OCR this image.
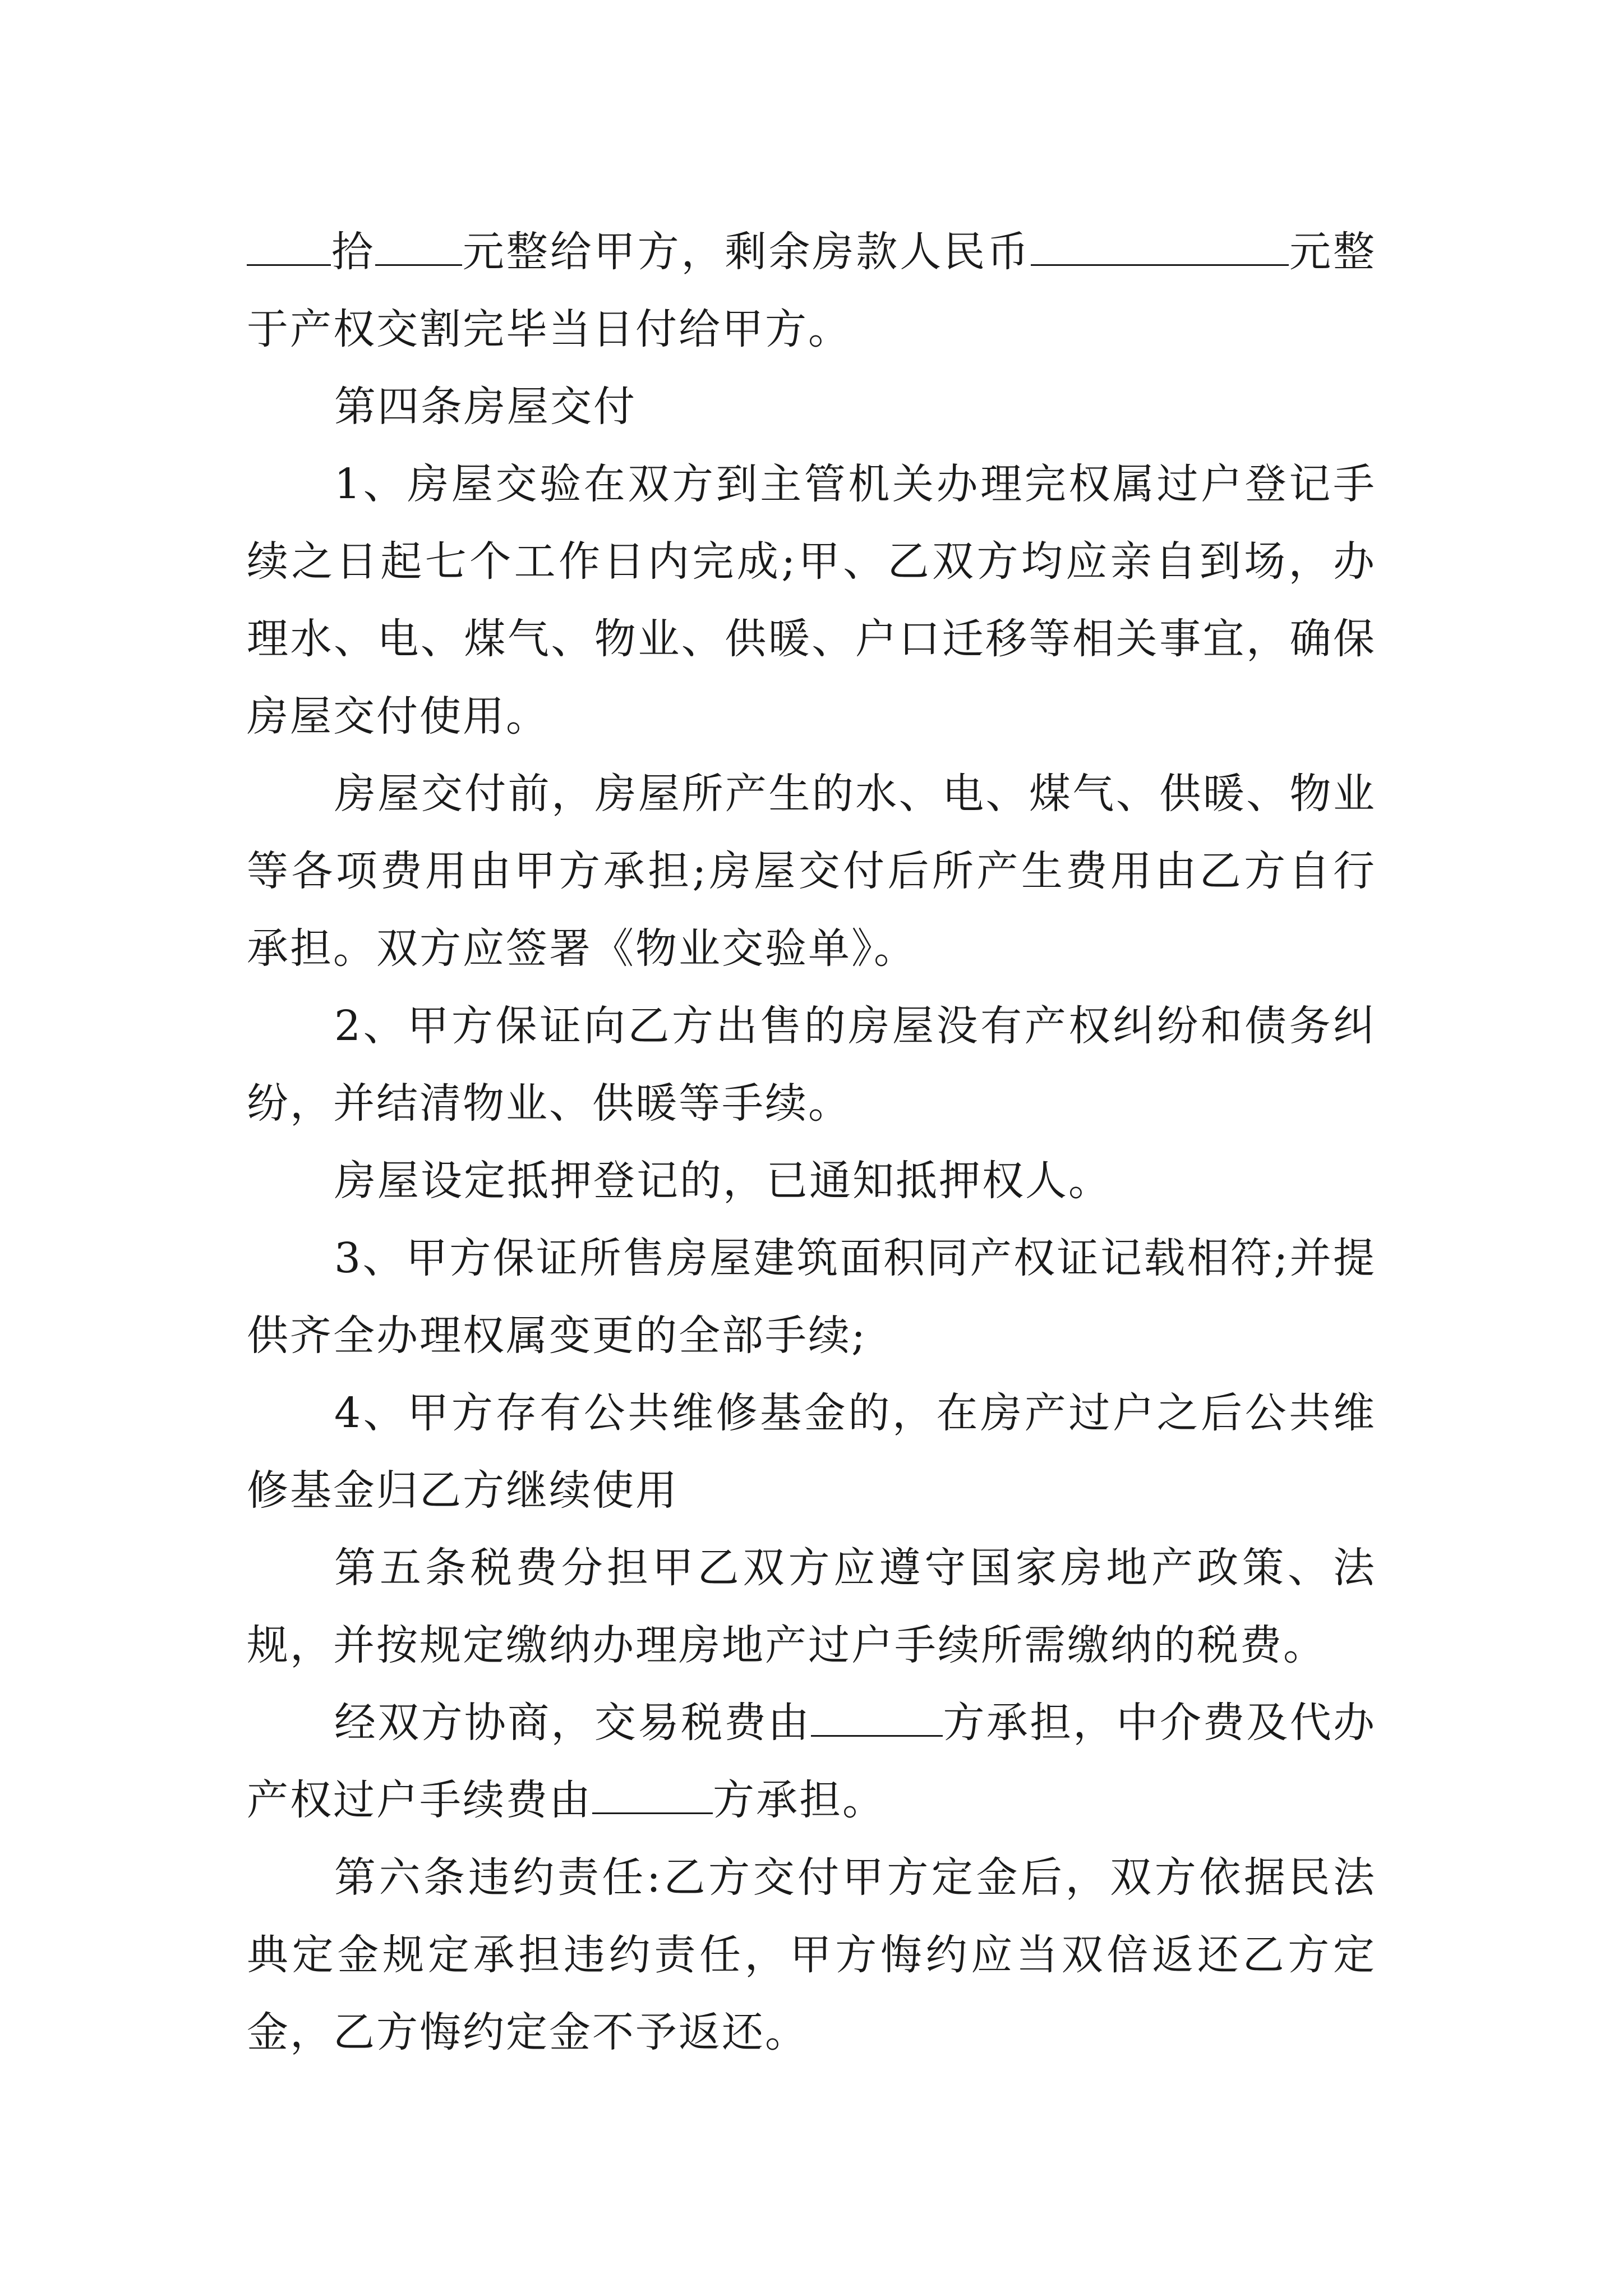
拾 元整给甲方，剩余房款人民币	元整于产权交割完毕当日付给甲方。

第四条房屋交付

1、房屋交验在双方到主管机关办理完权属过户登记手续之日起七个工作日内完成;甲、乙双方均应亲自到场，办理水、电、煤气、物业、供暖、户口迁移等相关事宜，确保房屋交付使用。

房屋交付前，房屋所产生的水、电、煤气、供暖、物业等各项费用由甲方承担;房屋交付后所产生费用由乙方自行承担。双方应签署《物业交验单》。

2、甲方保证向乙方出售的房屋没有产权纠纷和债务纠纷，并结清物业、供暖等手续。

房屋设定抵押登记的，已通知抵押权人。

3、甲方保证所售房屋建筑面积同产权证记载相符;并提供齐全办理权属变更的全部手续;

4、甲方存有公共维修基金的，在房产过户之后公共维修基金归乙方继续使用

第五条税费分担甲乙双方应遵守国家房地产政策、法规，并按规定缴纳办理房地产过户手续所需缴纳的税费。

经双方协商，交易税费由	方承担，中介费及代办产权过户手续费由	方承担。

第六条违约责任:乙方交付甲方定金后，双方依据民法典定金规定承担违约责任，甲方悔约应当双倍返还乙方定金，乙方悔约定金不予返还。
